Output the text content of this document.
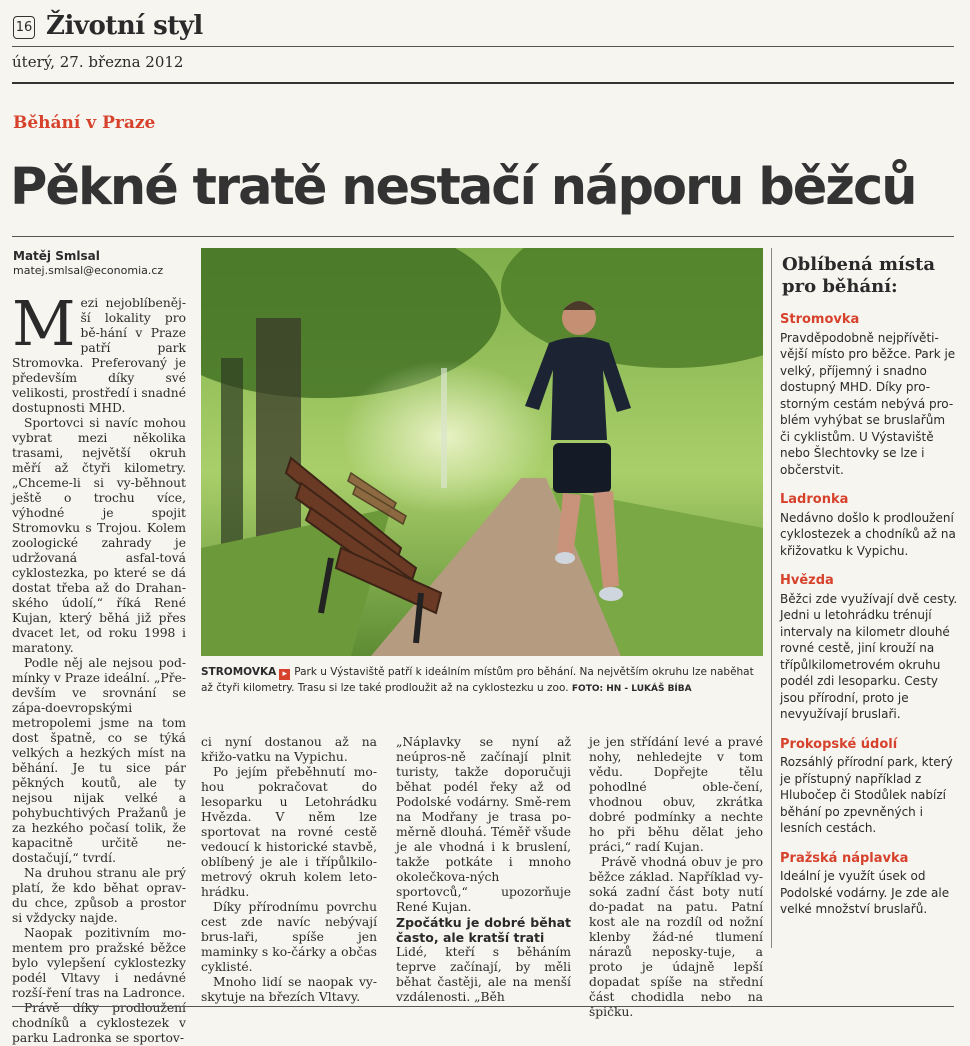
16 Životní styl
úterý, 27. března 2012
Běhání v Praze
Pěkné tratě nestačí náporu běžců
Matěj Smlsal
matej.smlsal@economia.cz

Mezi nejoblíbeněj-ší lokality pro bě-hání v Praze patří park Stromovka. Preferovaný je především díky své velikosti, prostředí i snadné dostupnosti MHD.

Sportovci si navíc mohou vybrat mezi několika trasami, největší okruh měří až čtyři kilometry. „Chceme-li si vy-běhnout ještě o trochu více, výhodné je spojit Stromovku s Trojou. Kolem zoologické zahrady je udržovaná asfal-tová cyklostezka, po které se dá dostat třeba až do Drahan-ského údolí,“ říká René Kujan, který běhá již přes dvacet let, od roku 1998 i maratony.

Podle něj ale nejsou pod-mínky v Praze ideální. „Pře-devším ve srovnání se zápa-doevropskými metropolemi jsme na tom dost špatně, co se týká velkých a hezkých míst na běhání. Je tu sice pár pěkných koutů, ale ty nejsou nijak velké a pohybuchtivých Pražanů je za hezkého počasí tolik, že kapacitně určitě ne-dostačují,“ tvrdí.

Na druhou stranu ale prý platí, že kdo běhat oprav-du chce, způsob a prostor si vždycky najde.

Naopak pozitivním mo-mentem pro pražské běžce bylo vylepšení cyklostezky podél Vltavy i nedávné rozší-ření tras na Ladronce.

Právě díky prodloužení chodníků a cyklostezek v parku Ladronka se sportov-

STROMOVKA ▸ Park u Výstaviště patří k ideálním místům pro běhání. Na největším okruhu lze naběhat až čtyři kilometry. Trasu si lze také prodloužit až na cyklostezku u zoo. FOTO: HN - LUKÁŠ BÍBA

ci nyní dostanou až na křižo-vatku na Vypichu.

Po jejím přeběhnutí mo-hou pokračovat do lesoparku u Letohrádku Hvězda. V něm lze sportovat na rovné cestě vedoucí k historické stavbě, oblíbený je ale i třípůlkilo-metrový okruh kolem leto-hrádku.

Díky přírodnímu povrchu cest zde navíc nebývají brus-laři, spíše jen maminky s ko-čárky a občas cyklisté.

Mnoho lidí se naopak vy-skytuje na březích Vltavy.

„Náplavky se nyní až neúpros-ně začínají plnit turisty, takže doporučuji běhat podél řeky až od Podolské vodárny. Smě-rem na Modřany je trasa po-měrně dlouhá. Téměř všude je ale vhodná i k bruslení, takže potkáte i mnoho okolečkova-ných sportovců,“ upozorňuje René Kujan.

Zpočátku je dobré běhat často, ale kratší trati

Lidé, kteří s běháním teprve začínají, by měli běhat častěji, ale na menší vzdálenosti. „Běh

je jen střídání levé a pravé nohy, nehledejte v tom vědu. Dopřejte tělu pohodlné oble-čení, vhodnou obuv, zkrátka dobré podmínky a nechte ho při běhu dělat jeho práci,“ radí Kujan.

Právě vhodná obuv je pro běžce základ. Například vy-soká zadní část boty nutí do-padat na patu. Patní kost ale na rozdíl od nožní klenby žád-né tlumení nárazů neposky-tuje, a proto je údajně lepší dopadat spíše na střední část chodidla nebo na špičku.

Oblíbená místa pro běhání:
Stromovka

Pravděpodobně nejpřívěti-vější místo pro běžce. Park je velký, příjemný i snadno dostupný MHD. Díky pro-storným cestám nebývá pro-blém vyhýbat se bruslařům či cyklistům. U Výstaviště nebo Šlechtovky se lze i občerstvit.

Ladronka

Nedávno došlo k prodloužení cyklostezek a chodníků až na křižovatku k Vypichu.

Hvězda

Běžci zde využívají dvě cesty. Jedni u letohrádku trénují intervaly na kilometr dlouhé rovné cestě, jiní krouží na třípůlkilometrovém okruhu podél zdi lesoparku. Cesty jsou přírodní, proto je nevyužívají bruslaři.

Prokopské údolí

Rozsáhlý přírodní park, který je přístupný například z Hlubočep či Stodůlek nabízí běhání po zpevněných i lesních cestách.

Pražská náplavka

Ideální je využít úsek od Podolské vodárny. Je zde ale velké množství bruslařů.
